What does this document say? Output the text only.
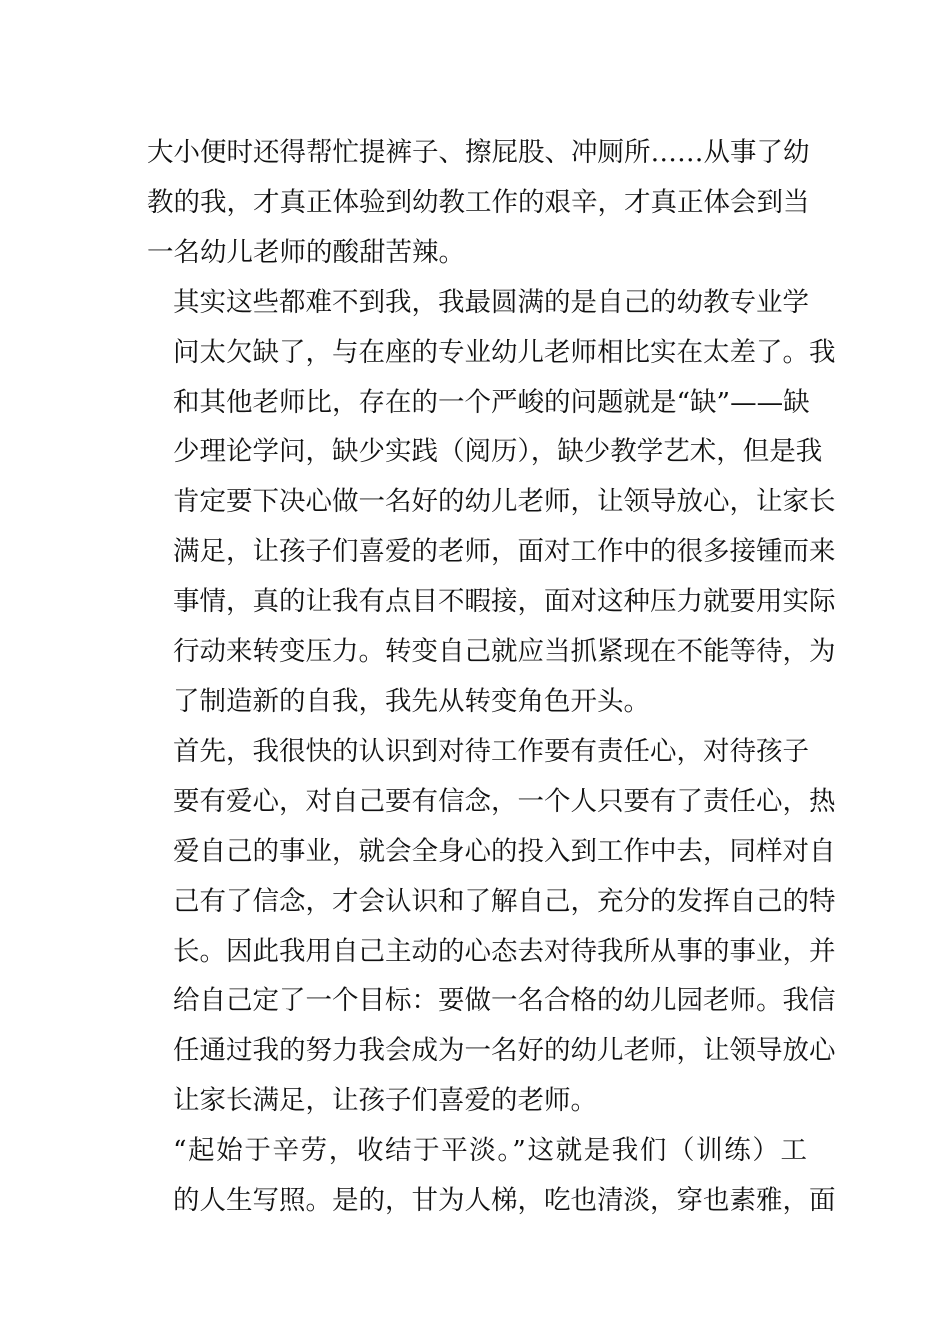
大小便时还得帮忙提裤子、擦屁股、冲厕所……从事了幼
教的我，才真正体验到幼教工作的艰辛，才真正体会到当
一名幼儿老师的酸甜苦辣。

其实这些都难不到我，我最圆满的是自己的幼教专业学
问太欠缺了，与在座的专业幼儿老师相比实在太差了。我
和其他老师比，存在的一个严峻的问题就是“缺”——缺
少理论学问，缺少实践（阅历），缺少教学艺术，但是我
肯定要下决心做一名好的幼儿老师，让领导放心，让家长
满足，让孩子们喜爱的老师，面对工作中的很多接锺而来
事情，真的让我有点目不暇接，面对这种压力就要用实际
行动来转变压力。转变自己就应当抓紧现在不能等待，为
了制造新的自我，我先从转变角色开头。

首先，我很快的认识到对待工作要有责任心，对待孩子
要有爱心，对自己要有信念，一个人只要有了责任心，热
爱自己的事业，就会全身心的投入到工作中去，同样对自
己有了信念，才会认识和了解自己，充分的发挥自己的特
长。因此我用自己主动的心态去对待我所从事的事业，并
给自己定了一个目标：要做一名合格的幼儿园老师。我信
任通过我的努力我会成为一名好的幼儿老师，让领导放心
让家长满足，让孩子们喜爱的老师。

“起始于辛劳，收结于平淡。”这就是我们（训练）工
的人生写照。是的，甘为人梯，吃也清淡，穿也素雅，面
